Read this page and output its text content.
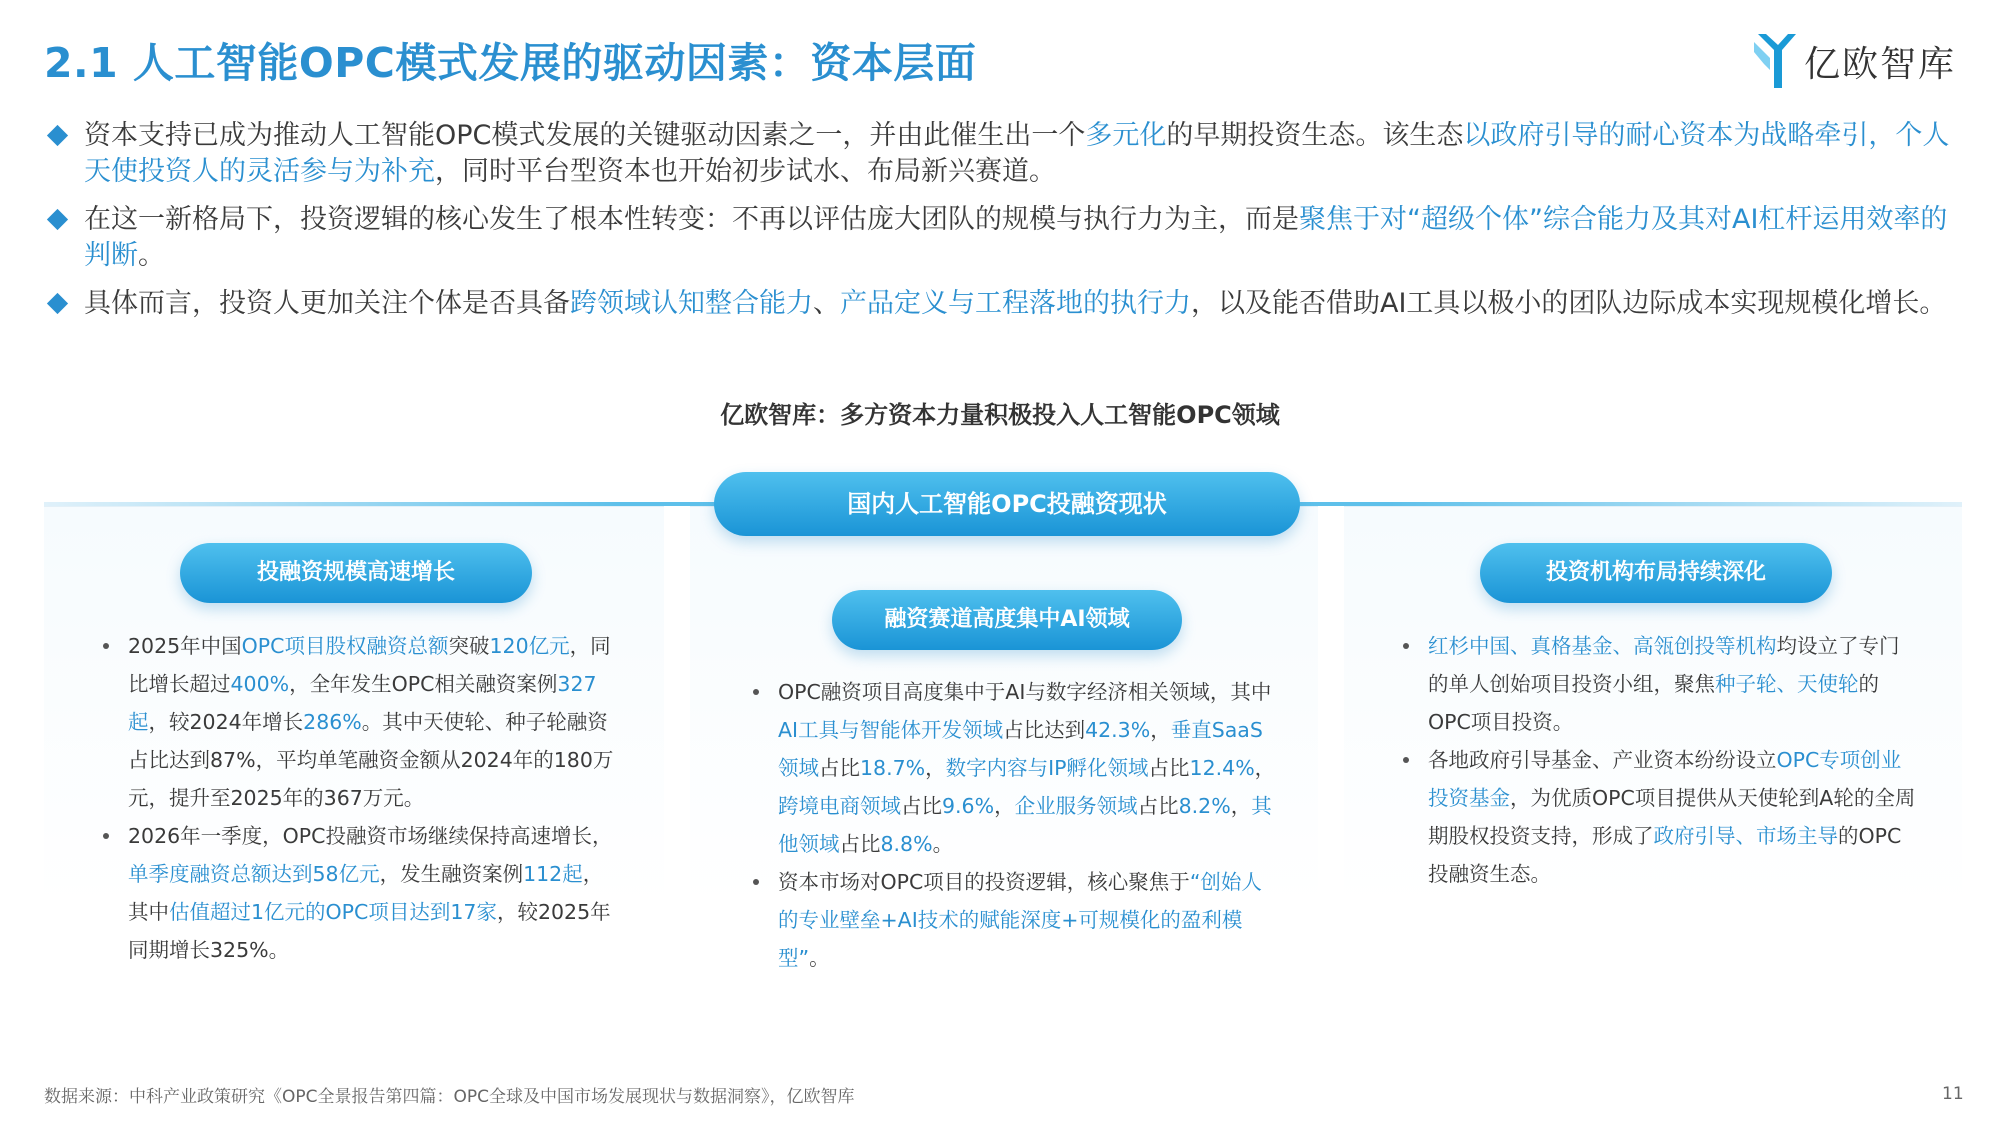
2.1 人工智能OPC模式发展的驱动因素：资本层面	亿欧智库
资本支持已成为推动人工智能OPC模式发展的关键驱动因素之一，并由此催生出一个多元化的早期投资生态。该生态以政府引导的耐心资本为战略牵引，个人天使投资人的灵活参与为补充，同时平台型资本也开始初步试水、布局新兴赛道。
在这一新格局下，投资逻辑的核心发生了根本性转变：不再以评估庞大团队的规模与执行力为主，而是聚焦于对“超级个体”综合能力及其对AI杠杆运用效率的判断。
具体而言，投资人更加关注个体是否具备跨领域认知整合能力、产品定义与工程落地的执行力，以及能否借助AI工具以极小的团队边际成本实现规模化增长。
亿欧智库：多方资本力量积极投入人工智能OPC领域
国内人工智能OPC投融资现状
投融资规模高速增长
融资赛道高度集中AI领域
投资机构布局持续深化
2025年中国OPC项目股权融资总额突破120亿元，同比增长超过400%，全年发生OPC相关融资案例327起，较2024年增长286%。其中天使轮、种子轮融资占比达到87%，平均单笔融资金额从2024年的180万元，提升至2025年的367万元。
2026年一季度，OPC投融资市场继续保持高速增长，单季度融资总额达到58亿元，发生融资案例112起，其中估值超过1亿元的OPC项目达到17家，较2025年同期增长325%。
OPC融资项目高度集中于AI与数字经济相关领域，其中AI工具与智能体开发领域占比达到42.3%，垂直SaaS领域占比18.7%，数字内容与IP孵化领域占比12.4%，跨境电商领域占比9.6%，企业服务领域占比8.2%，其他领域占比8.8%。
资本市场对OPC项目的投资逻辑，核心聚焦于“创始人的专业壁垒+AI技术的赋能深度+可规模化的盈利模型”。
红杉中国、真格基金、高瓴创投等机构均设立了专门的单人创始项目投资小组，聚焦种子轮、天使轮的OPC项目投资。
各地政府引导基金、产业资本纷纷设立OPC专项创业投资基金，为优质OPC项目提供从天使轮到A轮的全周期股权投资支持，形成了政府引导、市场主导的OPC投融资生态。
数据来源：中科产业政策研究《OPC全景报告第四篇：OPC全球及中国市场发展现状与数据洞察》，亿欧智库	11
